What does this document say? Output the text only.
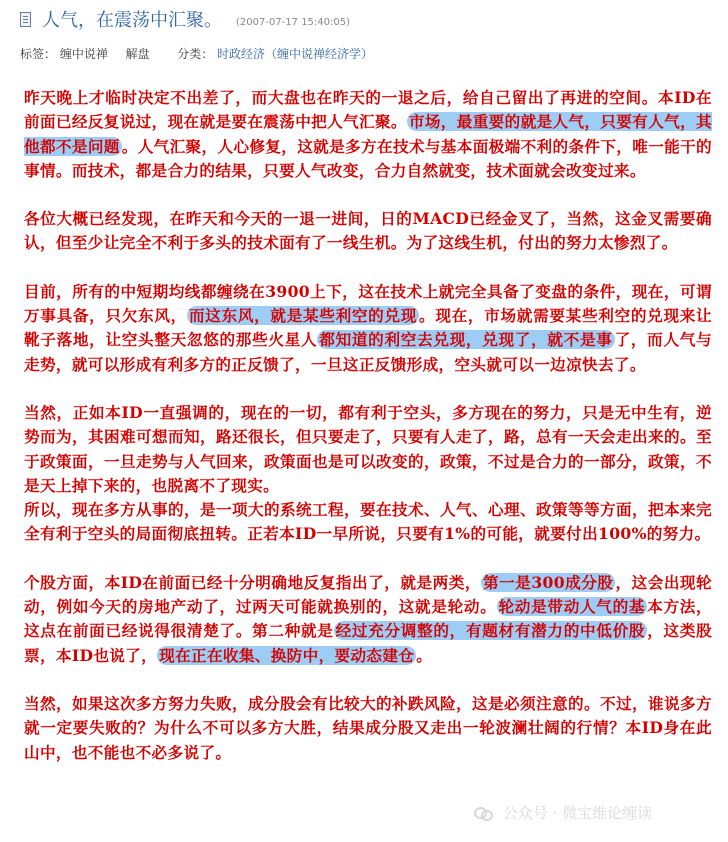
人气，在震荡中汇聚。 (2007-07-17 15:40:05)
标签： 缠中说禅 解盘 分类： 时政经济（缠中说禅经济学）

昨天晚上才临时决定不出差了，而大盘也在昨天的一退之后，给自己留出了再进的空间。本ID在前面已经反复说过，现在就是要在震荡中把人气汇聚。 市场，最重要的就是人气，只要有人气，其他都不是问题 。人气汇聚，人心修复，这就是多方在技术与基本面极端不利的条件下，唯一能干的事情。而技术，都是合力的结果，只要人气改变，合力自然就变，技术面就会改变过来。

各位大概已经发现，在昨天和今天的一退一进间，日的MACD已经金叉了，当然，这金叉需要确认，但至少让完全不利于多头的技术面有了一线生机。为了这线生机，付出的努力太惨烈了。

目前，所有的中短期均线都缠绕在3900上下，这在技术上就完全具备了变盘的条件，现在，可谓万事具备，只欠东风， 而这东风，就是某些利空的兑现 。现在，市场就需要某些利空的兑现来让靴子落地，让空头整天忽悠的那些火星人 都知道的利空去兑现，兑现了，就不是事 了，而人气与走势，就可以形成有利多方的正反馈了，一旦这正反馈形成，空头就可以一边凉快去了。

当然，正如本ID一直强调的，现在的一切，都有利于空头，多方现在的努力，只是无中生有，逆势而为，其困难可想而知，路还很长，但只要走了，只要有人走了，路，总有一天会走出来的。至于政策面，一旦走势与人气回来，政策面也是可以改变的，政策，不过是合力的一部分，政策，不是天上掉下来的，也脱离不了现实。

所以，现在多方从事的，是一项大的系统工程，要在技术、人气、心理、政策等等方面，把本来完全有利于空头的局面彻底扭转。正若本ID一早所说，只要有1%的可能，就要付出100%的努力。

个股方面，本ID在前面已经十分明确地反复指出了，就是两类， 第一是300成分股 ，这会出现轮动，例如今天的房地产动了，过两天可能就换别的，这就是轮动。 轮动是带动人气的基 本方法，这点在前面已经说得很清楚了。第二种就是 经过充分调整的，有题材有潜力的中低价股 ，这类股票，本ID也说了， 现在正在收集、换防中，要动态建仓 。

当然，如果这次多方努力失败，成分股会有比较大的补跌风险，这是必须注意的。不过，谁说多方就一定要失败的？为什么不可以多方大胜，结果成分股又走出一轮波澜壮阔的行情？本ID身在此山中，也不能也不必多说了。

公众号 · 微宝维论缠读
